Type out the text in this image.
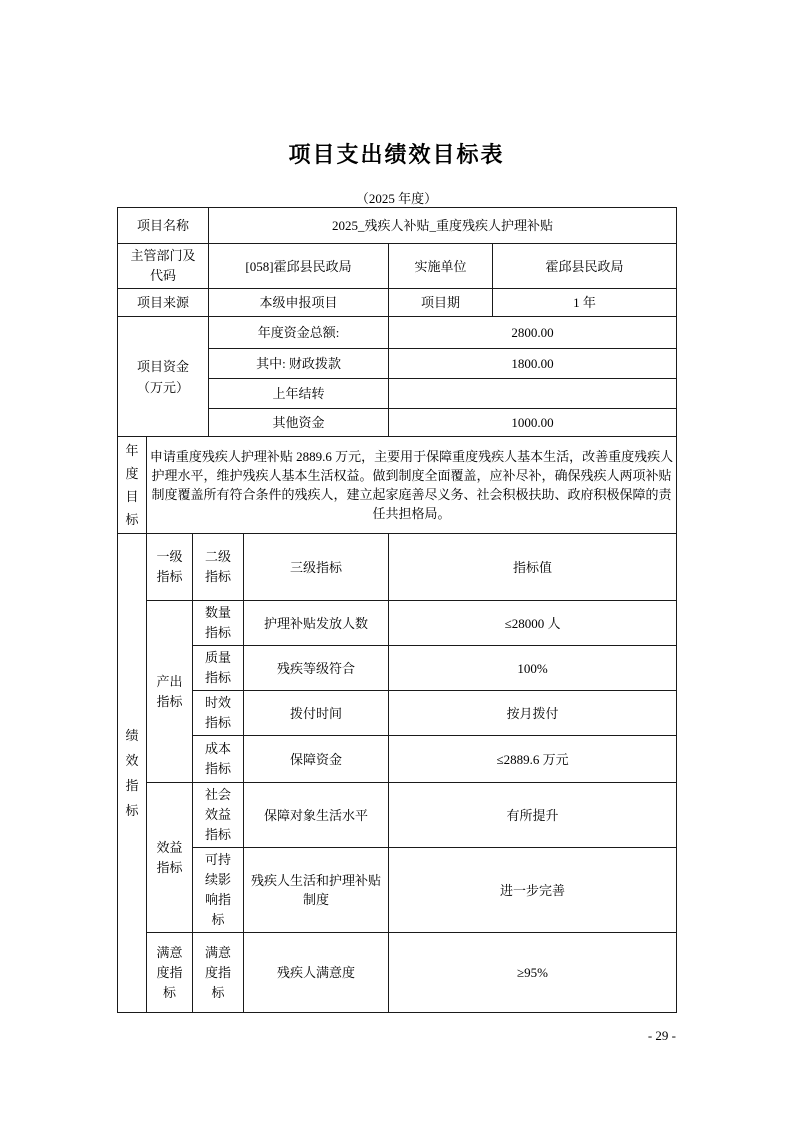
项目支出绩效目标表
（2025 年度）
项目名称			2025_残疾人补贴_重度残疾人护理补贴			

主管部门及代码			[058]霍邱县民政局		实施单位	霍邱县民政局
项目来源			本级申报项目		项目期	1 年

项目资金（万元）			年度资金总额:		2800.00	
			其中: 财政拨款		1800.00	
			上年结转			
			其他资金		1000.00	

年度目标	申请重度残疾人护理补贴 2889.6 万元，主要用于保障重度残疾人基本生活，改善重度残疾人护理水平，维护残疾人基本生活权益。做到制度全面覆盖，应补尽补，确保残疾人两项补贴制度覆盖所有符合条件的残疾人，建立起家庭善尽义务、社会积极扶助、政府积极保障的责任共担格局。					

绩效指标	一级指标	二级指标		三级指标	指标值	

	产出指标	数量指标		护理补贴发放人数	≤28000 人	

		质量指标		残疾等级符合	100%	

		时效指标		拨付时间	按月拨付	

		成本指标		保障资金	≤2889.6 万元	

	效益指标	社会效益指标		保障对象生活水平	有所提升	

		可持续影响指标		残疾人生活和护理补贴制度	进一步完善	

	满意度指标	满意度指标		残疾人满意度	≥95%	
- 29 -
